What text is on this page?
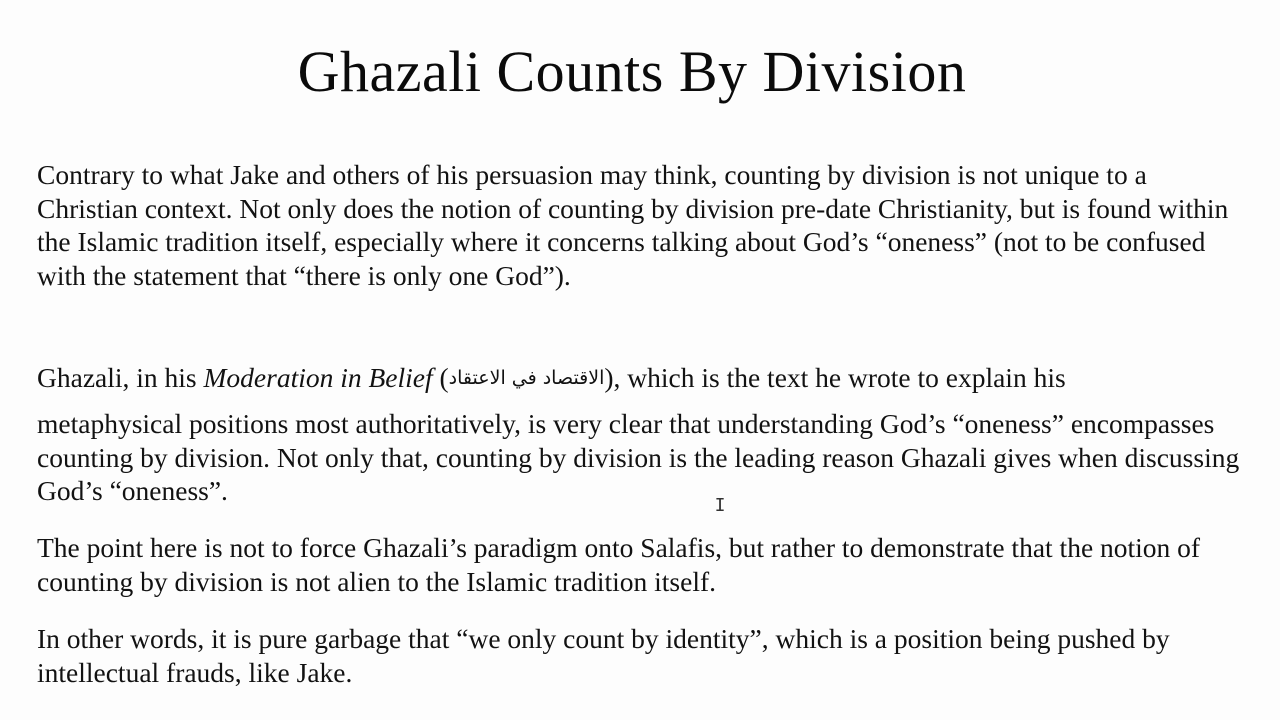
Ghazali Counts By Division

Contrary to what Jake and others of his persuasion may think, counting by division is not unique to a Christian context. Not only does the notion of counting by division pre-date Christianity, but is found within the Islamic tradition itself, especially where it concerns talking about God’s “oneness” (not to be confused with the statement that “there is only one God”).

Ghazali, in his Moderation in Belief (الاقتصاد في الاعتقاد), which is the text he wrote to explain his

metaphysical positions most authoritatively, is very clear that understanding God’s “oneness” encompasses counting by division. Not only that, counting by division is the leading reason Ghazali gives when discussing God’s “oneness”.

The point here is not to force Ghazali’s paradigm onto Salafis, but rather to demonstrate that the notion of counting by division is not alien to the Islamic tradition itself.

In other words, it is pure garbage that “we only count by identity”, which is a position being pushed by intellectual frauds, like Jake.

I
